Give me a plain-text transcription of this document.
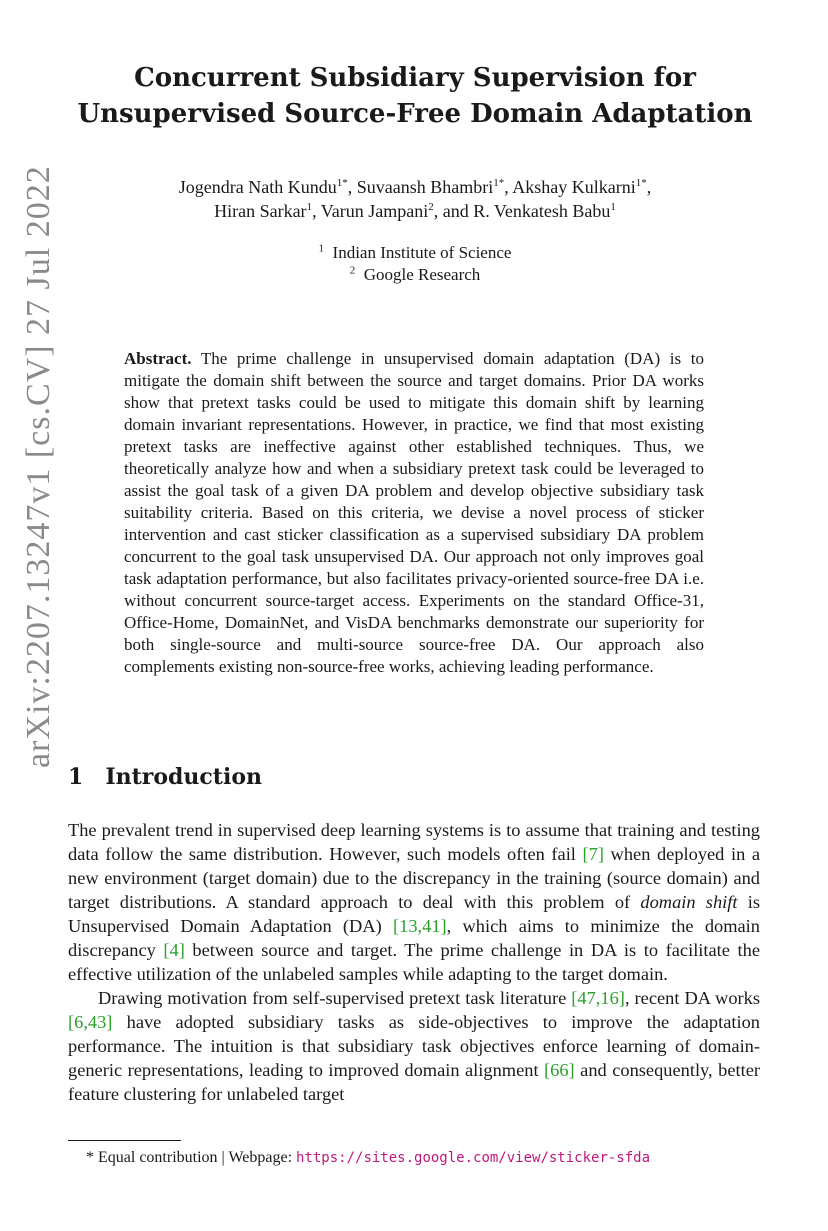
arXiv:2207.13247v1 [cs.CV] 27 Jul 2022
Concurrent Subsidiary Supervision for
Unsupervised Source-Free Domain Adaptation
Jogendra Nath Kundu$^{1*}$, Suvaansh Bhambri$^{1*}$, Akshay Kulkarni$^{1*}$,
Hiran Sarkar$^1$, Varun Jampani$^2$, and R. Venkatesh Babu$^1$
$^1$ Indian Institute of Science
$^2$ Google Research
Abstract. The prime challenge in unsupervised domain adaptation (DA) is to mitigate the domain shift between the source and target domains. Prior DA works show that pretext tasks could be used to mitigate this domain shift by learning domain invariant representations. However, in practice, we find that most existing pretext tasks are ineffective against other established techniques. Thus, we theoretically analyze how and when a subsidiary pretext task could be leveraged to assist the goal task of a given DA problem and develop objective subsidiary task suitability criteria. Based on this criteria, we devise a novel process of sticker intervention and cast sticker classification as a supervised subsidiary DA problem concurrent to the goal task unsupervised DA. Our approach not only improves goal task adaptation performance, but also facilitates privacy-oriented source-free DA i.e. without concurrent source-target access. Experiments on the standard Office-31, Office-Home, DomainNet, and VisDA benchmarks demonstrate our superiority for both single-source and multi-source source-free DA. Our approach also complements existing non-source-free works, achieving leading performance.
1 Introduction

The prevalent trend in supervised deep learning systems is to assume that training and testing data follow the same distribution. However, such models often fail [7] when deployed in a new environment (target domain) due to the discrepancy in the training (source domain) and target distributions. A standard approach to deal with this problem of domain shift is Unsupervised Domain Adaptation (DA) [13,41], which aims to minimize the domain discrepancy [4] between source and target. The prime challenge in DA is to facilitate the effective utilization of the unlabeled samples while adapting to the target domain.

Drawing motivation from self-supervised pretext task literature [47,16], recent DA works [6,43] have adopted subsidiary tasks as side-objectives to improve the adaptation performance. The intuition is that subsidiary task objectives enforce learning of domain-generic representations, leading to improved domain alignment [66] and consequently, better feature clustering for unlabeled target

* Equal contribution | Webpage: https://sites.google.com/view/sticker-sfda
